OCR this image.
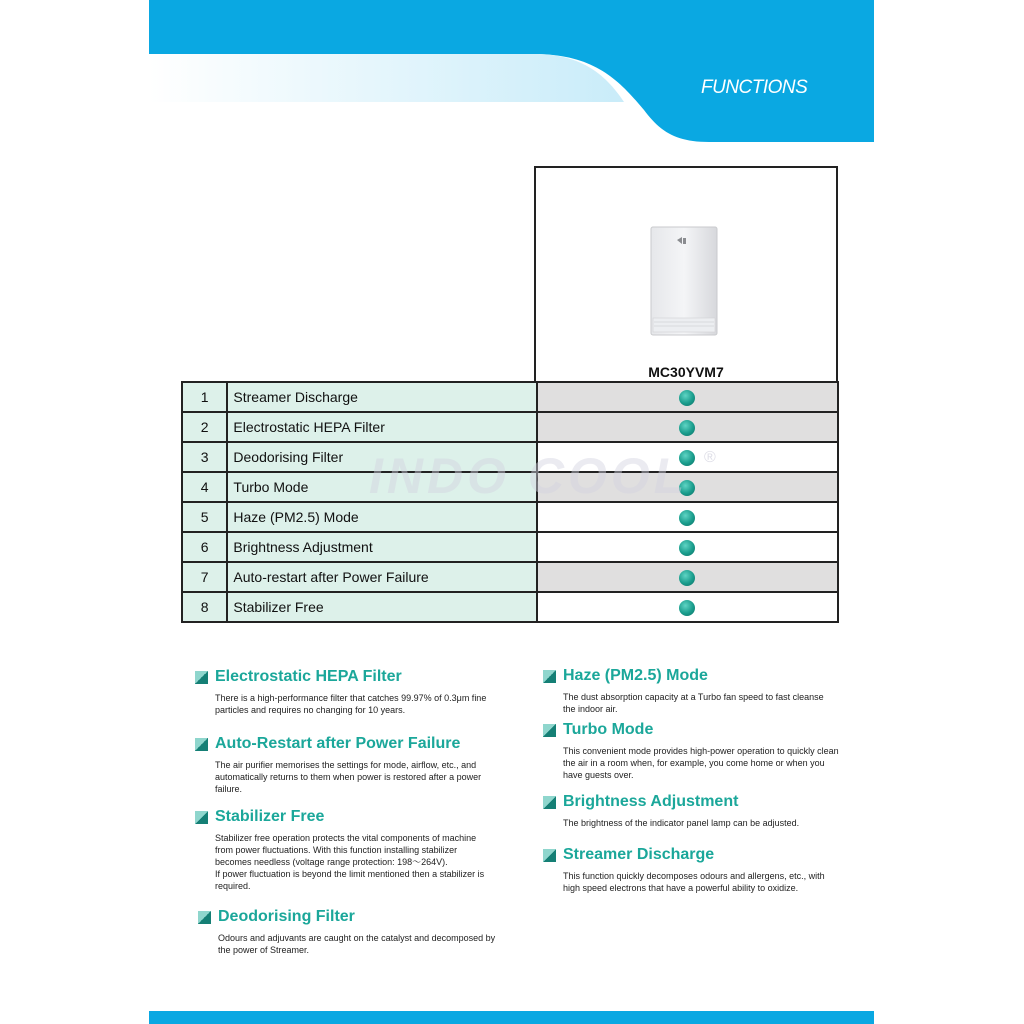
FUNCTIONS
MC30YVM7
1	Streamer Discharge	
2	Electrostatic HEPA Filter	
3	Deodorising Filter	
4	Turbo Mode	
5	Haze (PM2.5) Mode	
6	Brightness Adjustment	
7	Auto-restart after Power Failure	
8	Stabilizer Free	
INDO COOL ®
Electrostatic HEPA Filter

There is a high-performance filter that catches 99.97% of 0.3μm fine particles and requires no changing for 10 years.

Auto-Restart after Power Failure

The air purifier memorises the settings for mode, airflow, etc., and automatically returns to them when power is restored after a power failure.

Stabilizer Free

Stabilizer free operation protects the vital components of machine from power fluctuations. With this function installing stabilizer becomes needless (voltage range protection: 198〜264V).
If power fluctuation is beyond the limit mentioned then a stabilizer is required.

Deodorising Filter

Odours and adjuvants are caught on the catalyst and decomposed by the power of Streamer.

Haze (PM2.5) Mode

The dust absorption capacity at a Turbo fan speed to fast cleanse the indoor air.

Turbo Mode

This convenient mode provides high-power operation to quickly clean the air in a room when, for example, you come home or when you have guests over.

Brightness Adjustment

The brightness of the indicator panel lamp can be adjusted.

Streamer Discharge

This function quickly decomposes odours and allergens, etc., with high speed electrons that have a powerful ability to oxidize.
